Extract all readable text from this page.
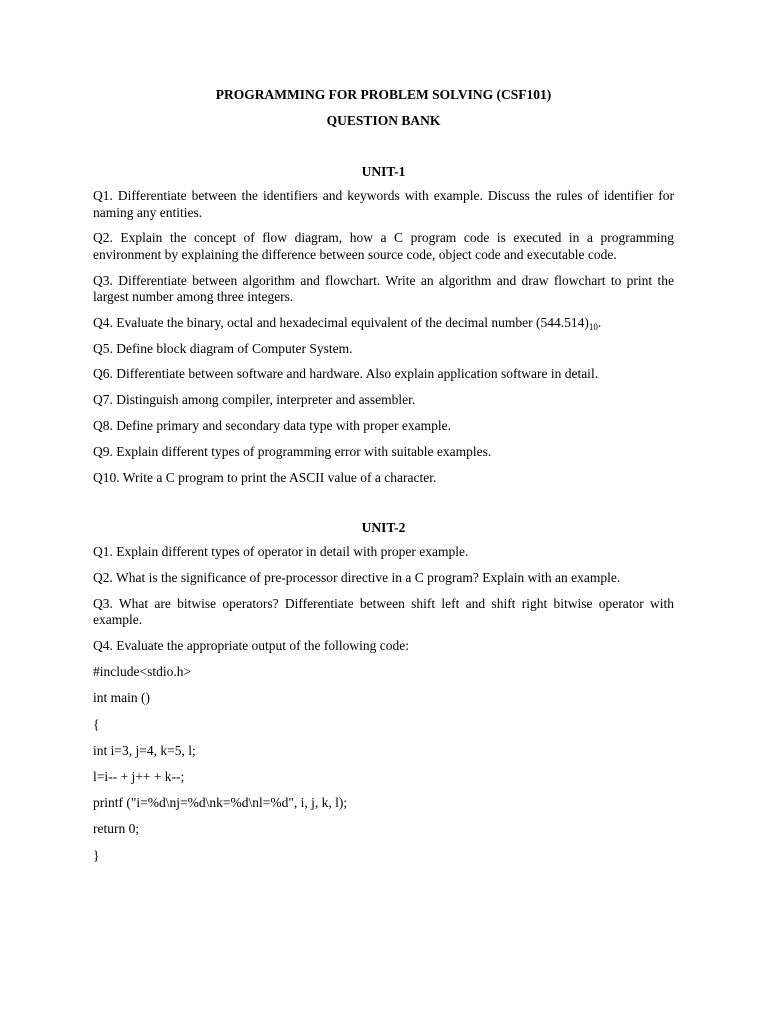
PROGRAMMING FOR PROBLEM SOLVING (CSF101)

QUESTION BANK

UNIT-1

Q1. Differentiate between the identifiers and keywords with example. Discuss the rules of identifier for naming any entities.

Q2. Explain the concept of flow diagram, how a C program code is executed in a programming environment by explaining the difference between source code, object code and executable code.

Q3. Differentiate between algorithm and flowchart. Write an algorithm and draw flowchart to print the largest number among three integers.

Q4. Evaluate the binary, octal and hexadecimal equivalent of the decimal number $(544.514)_{10}$.

Q5. Define block diagram of Computer System.

Q6. Differentiate between software and hardware. Also explain application software in detail.

Q7. Distinguish among compiler, interpreter and assembler.

Q8. Define primary and secondary data type with proper example.

Q9. Explain different types of programming error with suitable examples.

Q10. Write a C program to print the ASCII value of a character.

UNIT-2

Q1. Explain different types of operator in detail with proper example.

Q2. What is the significance of pre-processor directive in a C program? Explain with an example.

Q3. What are bitwise operators? Differentiate between shift left and shift right bitwise operator with example.

Q4. Evaluate the appropriate output of the following code:

#include<stdio.h>

int main ()

{

int i=3, j=4, k=5, l;

l=i-- + j++ + k--;

printf ("i=%d\nj=%d\nk=%d\nl=%d", i, j, k, l);

return 0;

}
